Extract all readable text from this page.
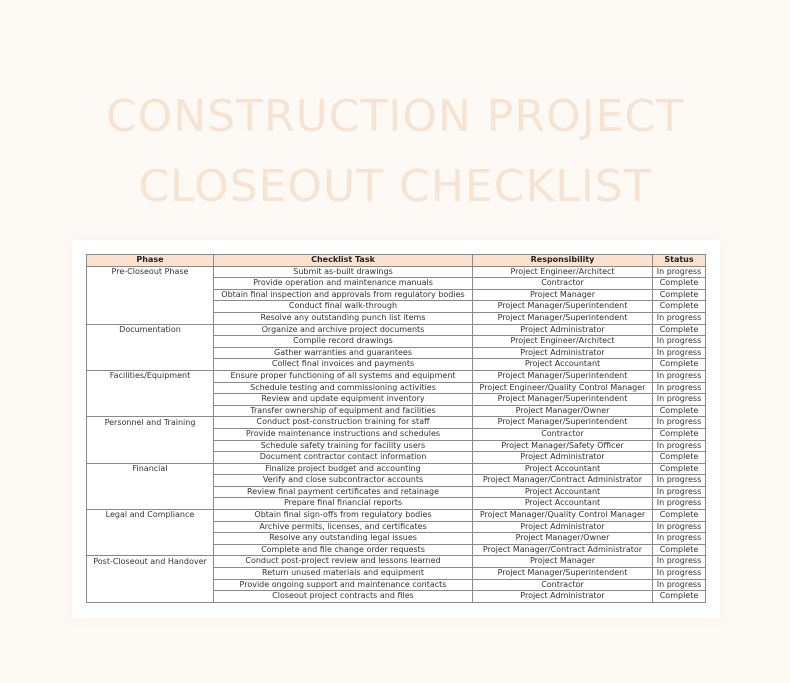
CONSTRUCTION PROJECT
CLOSEOUT CHECKLIST
Phase	Checklist Task	Responsibility	Status
Pre-Closeout Phase	Submit as-built drawings	Project Engineer/Architect	In progress
	Provide operation and maintenance manuals	Contractor	Complete
	Obtain final inspection and approvals from regulatory bodies	Project Manager	Complete
	Conduct final walk-through	Project Manager/Superintendent	Complete
	Resolve any outstanding punch list items	Project Manager/Superintendent	In progress
Documentation	Organize and archive project documents	Project Administrator	Complete
	Compile record drawings	Project Engineer/Architect	In progress
	Gather warranties and guarantees	Project Administrator	In progress
	Collect final invoices and payments	Project Accountant	Complete
Facilities/Equipment	Ensure proper functioning of all systems and equipment	Project Manager/Superintendent	In progress
	Schedule testing and commissioning activities	Project Engineer/Quality Control Manager	In progress
	Review and update equipment inventory	Project Manager/Superintendent	In progress
	Transfer ownership of equipment and facilities	Project Manager/Owner	Complete
Personnel and Training	Conduct post-construction training for staff	Project Manager/Superintendent	In progress
	Provide maintenance instructions and schedules	Contractor	Complete
	Schedule safety training for facility users	Project Manager/Safety Officer	In progress
	Document contractor contact information	Project Administrator	Complete
Financial	Finalize project budget and accounting	Project Accountant	Complete
	Verify and close subcontractor accounts	Project Manager/Contract Administrator	In progress
	Review final payment certificates and retainage	Project Accountant	In progress
	Prepare final financial reports	Project Accountant	In progress
Legal and Compliance	Obtain final sign-offs from regulatory bodies	Project Manager/Quality Control Manager	Complete
	Archive permits, licenses, and certificates	Project Administrator	In progress
	Resolve any outstanding legal issues	Project Manager/Owner	In progress
	Complete and file change order requests	Project Manager/Contract Administrator	Complete
Post-Closeout and Handover	Conduct post-project review and lessons learned	Project Manager	In progress
	Return unused materials and equipment	Project Manager/Superintendent	In progress
	Provide ongoing support and maintenance contacts	Contractor	In progress
	Closeout project contracts and files	Project Administrator	Complete
